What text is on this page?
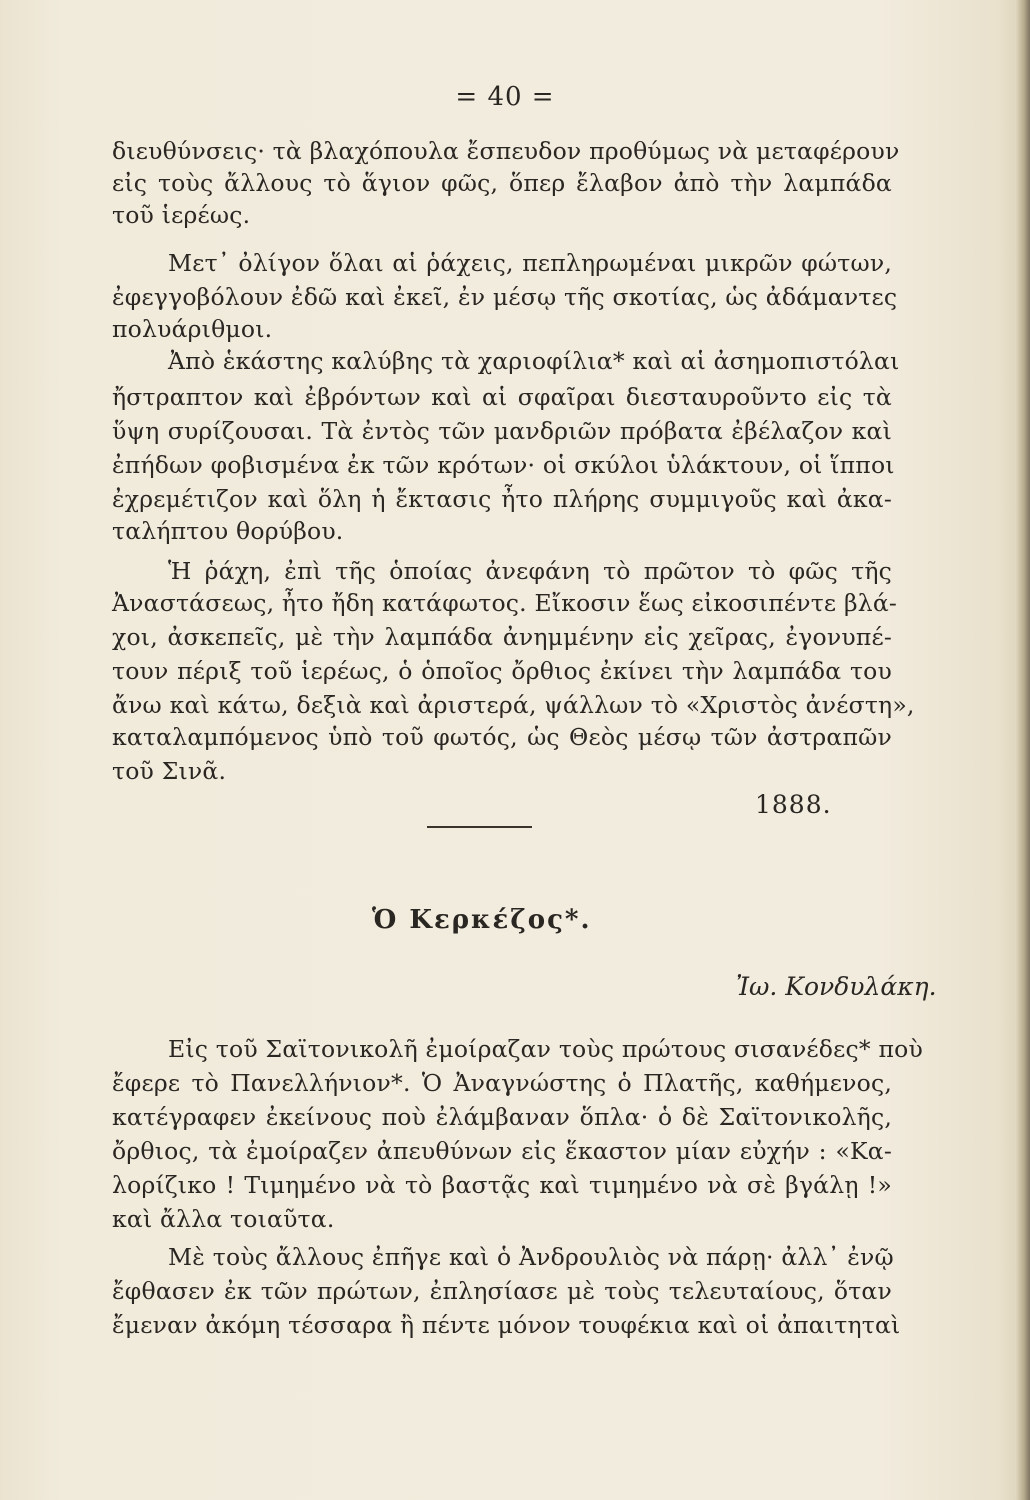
= 40 =
διευθύνσεις· τὰ βλαχόπουλα ἔσπευδον προθύμως νὰ μεταφέρουν
εἰς τοὺς ἄλλους τὸ ἅγιον φῶς, ὅπερ ἔλαβον ἀπὸ τὴν λαμπάδα
τοῦ ἱερέως.
Μετ᾽ ὀλίγον ὅλαι αἱ ῥάχεις, πεπληρωμέναι μικρῶν φώτων,
ἐφεγγοβόλουν ἐδῶ καὶ ἐκεῖ, ἐν μέσῳ τῆς σκοτίας, ὡς ἀδάμαντες
πολυάριθμοι.
Ἀπὸ ἑκάστης καλύβης τὰ χαριοφίλια* καὶ αἱ ἀσημοπιστόλαι
ἤστραπτον καὶ ἐβρόντων καὶ αἱ σφαῖραι διεσταυροῦντο εἰς τὰ
ὕψη συρίζουσαι. Τὰ ἐντὸς τῶν μανδριῶν πρόβατα ἐβέλαζον καὶ
ἐπήδων φοβισμένα ἐκ τῶν κρότων· οἱ σκύλοι ὑλάκτουν, οἱ ἵπποι
ἐχρεμέτιζον καὶ ὅλη ἡ ἔκτασις ἦτο πλήρης συμμιγοῦς καὶ ἀκα-
ταλήπτου θορύβου.
Ἡ ῥάχη, ἐπὶ τῆς ὁποίας ἀνεφάνη τὸ πρῶτον τὸ φῶς τῆς
Ἀναστάσεως, ἦτο ἤδη κατάφωτος. Εἴκοσιν ἕως εἰκοσιπέντε βλά-
χοι, ἀσκεπεῖς, μὲ τὴν λαμπάδα ἀνημμένην εἰς χεῖρας, ἐγονυπέ-
τουν πέριξ τοῦ ἱερέως, ὁ ὁποῖος ὄρθιος ἐκίνει τὴν λαμπάδα του
ἄνω καὶ κάτω, δεξιὰ καὶ ἀριστερά, ψάλλων τὸ «Χριστὸς ἀνέστη»,
καταλαμπόμενος ὑπὸ τοῦ φωτός, ὡς Θεὸς μέσῳ τῶν ἀστραπῶν
τοῦ Σινᾶ.
1888.
Ὁ Κερκέζος*.
Ἰω. Κονδυλάκη.
Εἰς τοῦ Σαϊτονικολῆ ἐμοίραζαν τοὺς πρώτους σισανέδες* ποὺ
ἔφερε τὸ Πανελλήνιον*. Ὁ Ἀναγνώστης ὁ Πλατῆς, καθήμενος,
κατέγραφεν ἐκείνους ποὺ ἐλάμβαναν ὅπλα· ὁ δὲ Σαϊτονικολῆς,
ὄρθιος, τὰ ἐμοίραζεν ἀπευθύνων εἰς ἕκαστον μίαν εὐχήν : «Κα-
λορίζικο ! Τιμημένο νὰ τὸ βαστᾷς καὶ τιμημένο νὰ σὲ βγάλῃ !»
καὶ ἄλλα τοιαῦτα.
Μὲ τοὺς ἄλλους ἐπῆγε καὶ ὁ Ἀνδρουλιὸς νὰ πάρῃ· ἀλλ᾽ ἐνῷ
ἔφθασεν ἐκ τῶν πρώτων, ἐπλησίασε μὲ τοὺς τελευταίους, ὅταν
ἔμεναν ἀκόμη τέσσαρα ἢ πέντε μόνον τουφέκια καὶ οἱ ἀπαιτηταὶ
